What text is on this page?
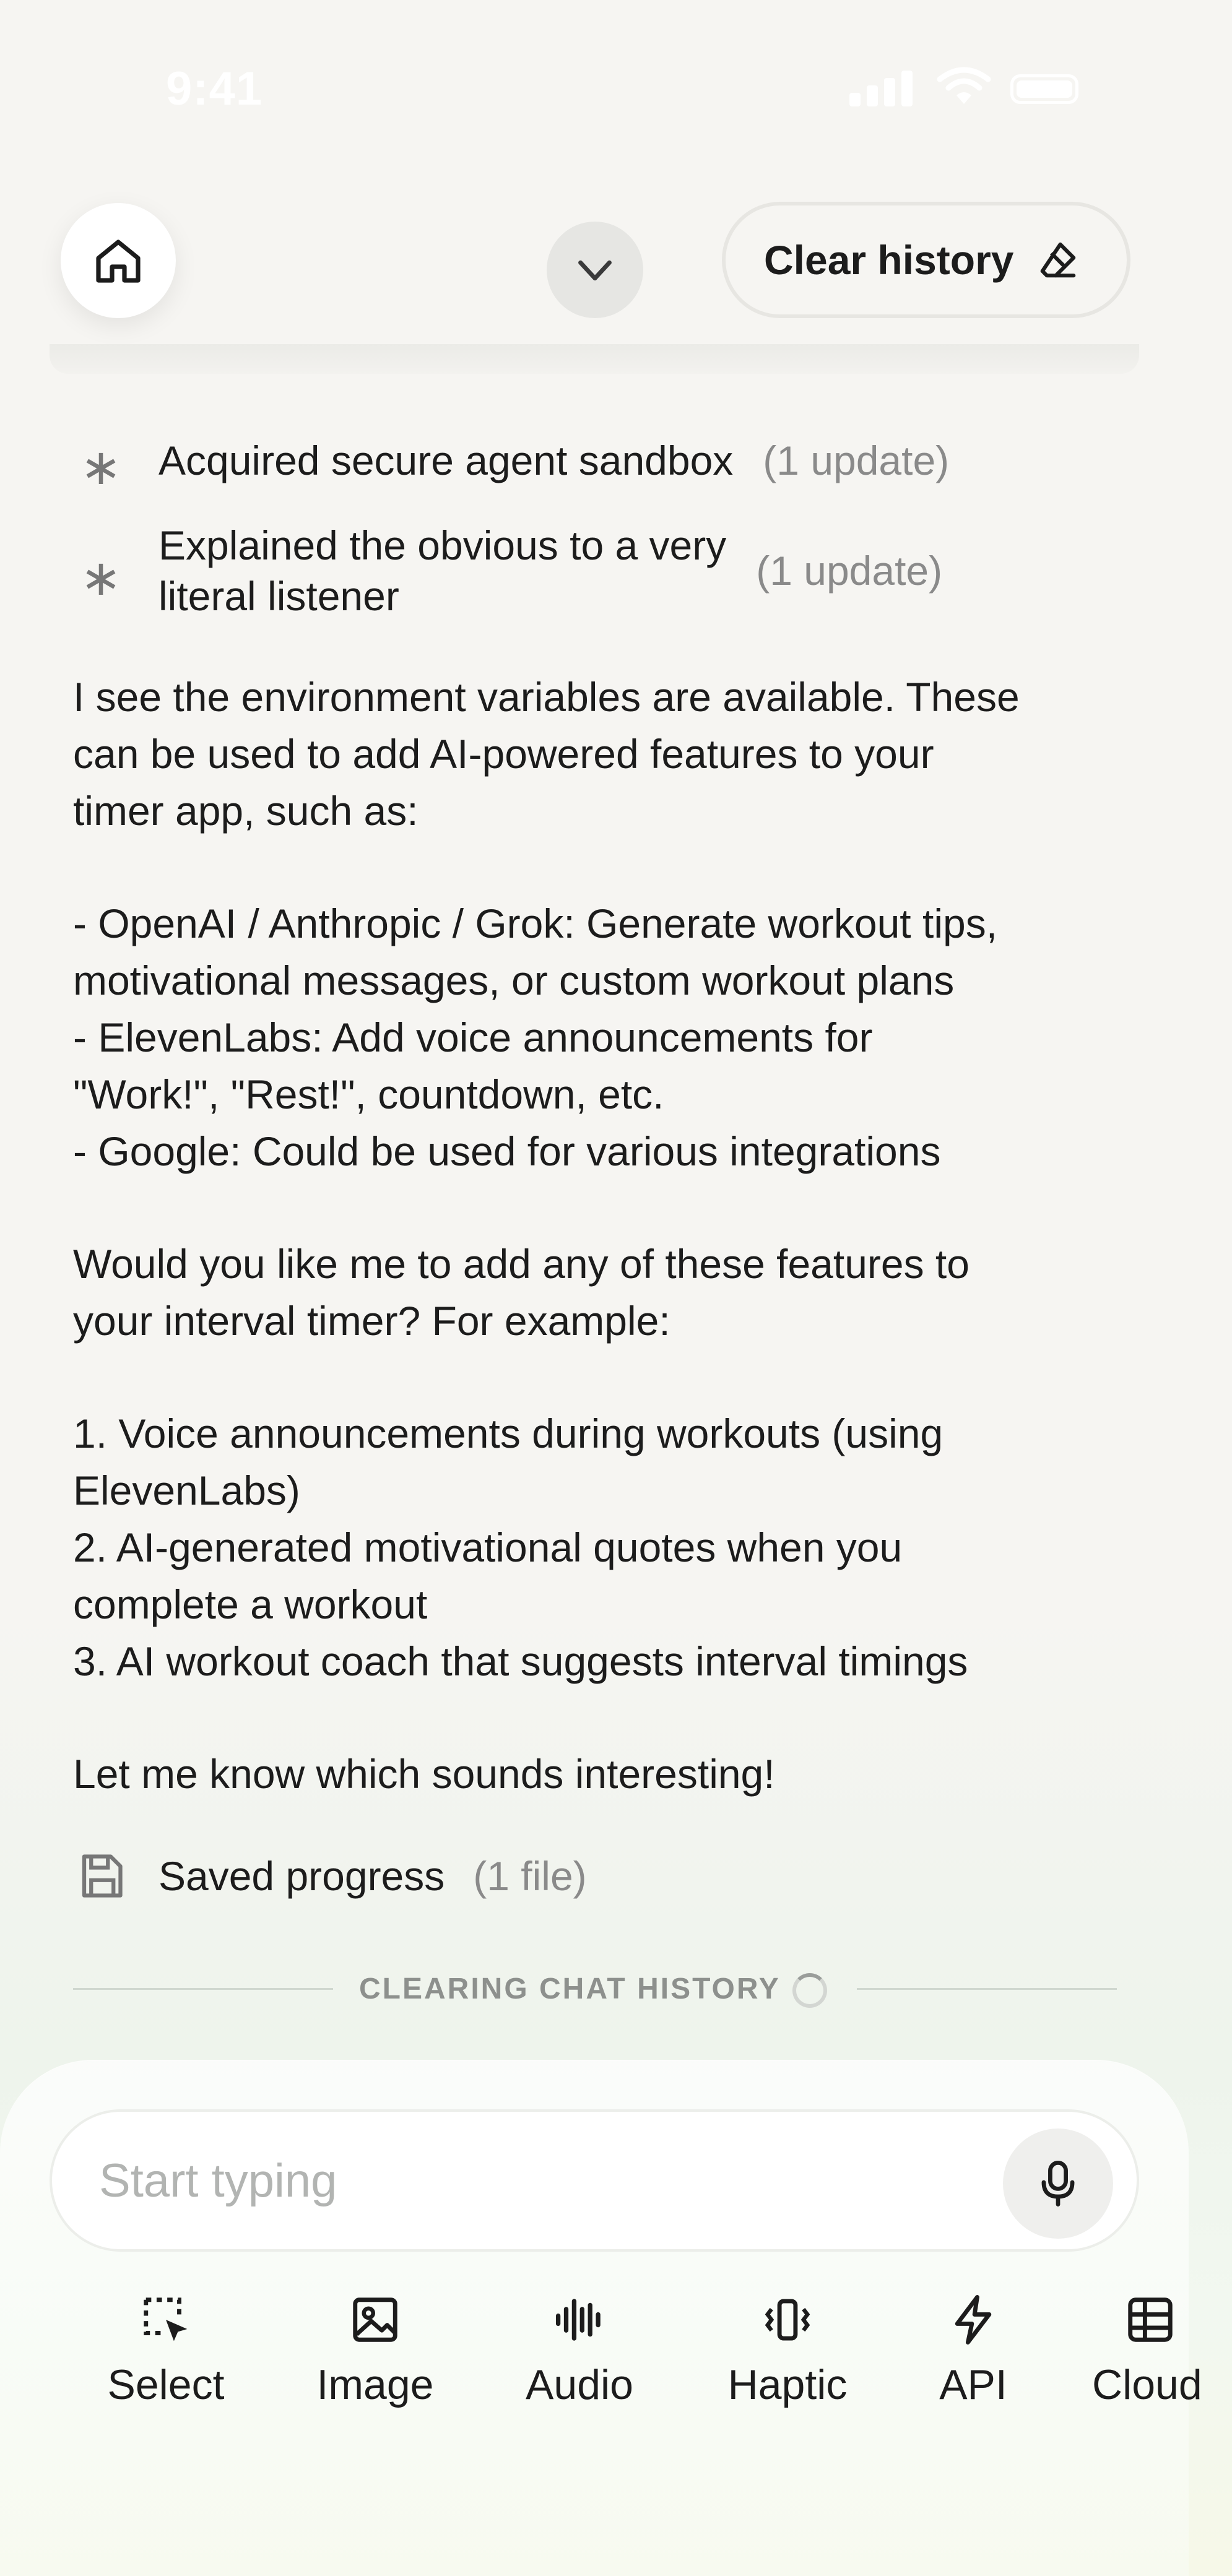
9:41
Clear history
∗ Acquired secure agent sandbox (1 update)
∗
Explained the obvious to a very
literal listener
(1 update)

I see the environment variables are available. These
can be used to add AI-powered features to your
timer app, such as:

- OpenAI / Anthropic / Grok: Generate workout tips,
motivational messages, or custom workout plans
- ElevenLabs: Add voice announcements for
"Work!", "Rest!", countdown, etc.
- Google: Could be used for various integrations

Would you like me to add any of these features to
your interval timer? For example:

1. Voice announcements during workouts (using
ElevenLabs)
2. AI-generated motivational quotes when you
complete a workout
3. AI workout coach that suggests interval timings

Let me know which sounds interesting!

Saved progress (1 file)
CLEARING CHAT HISTORY
Start typing
Select Image Audio Haptic API Cloud
